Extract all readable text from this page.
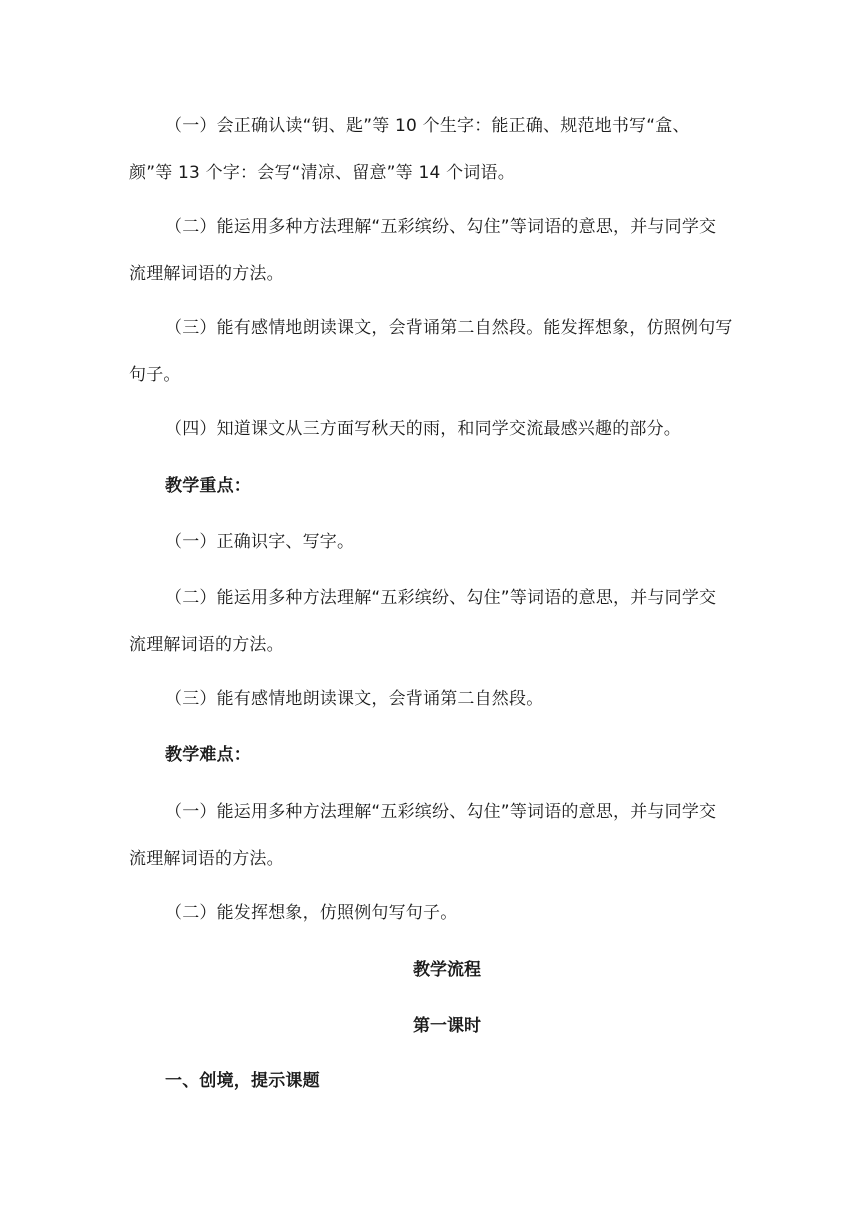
（一）会正确认读“钥、匙”等 10 个生字：能正确、规范地书写“盒、颜”等 13 个字：会写“清凉、留意”等 14 个词语。

（二）能运用多种方法理解“五彩缤纷、勾住”等词语的意思，并与同学交流理解词语的方法。

（三）能有感情地朗读课文，会背诵第二自然段。能发挥想象，仿照例句写句子。

（四）知道课文从三方面写秋天的雨，和同学交流最感兴趣的部分。

教学重点：

（一）正确识字、写字。

（二）能运用多种方法理解“五彩缤纷、勾住”等词语的意思，并与同学交流理解词语的方法。

（三）能有感情地朗读课文，会背诵第二自然段。

教学难点：

（一）能运用多种方法理解“五彩缤纷、勾住”等词语的意思，并与同学交流理解词语的方法。

（二）能发挥想象，仿照例句写句子。

教学流程

第一课时

一、创境，提示课题
